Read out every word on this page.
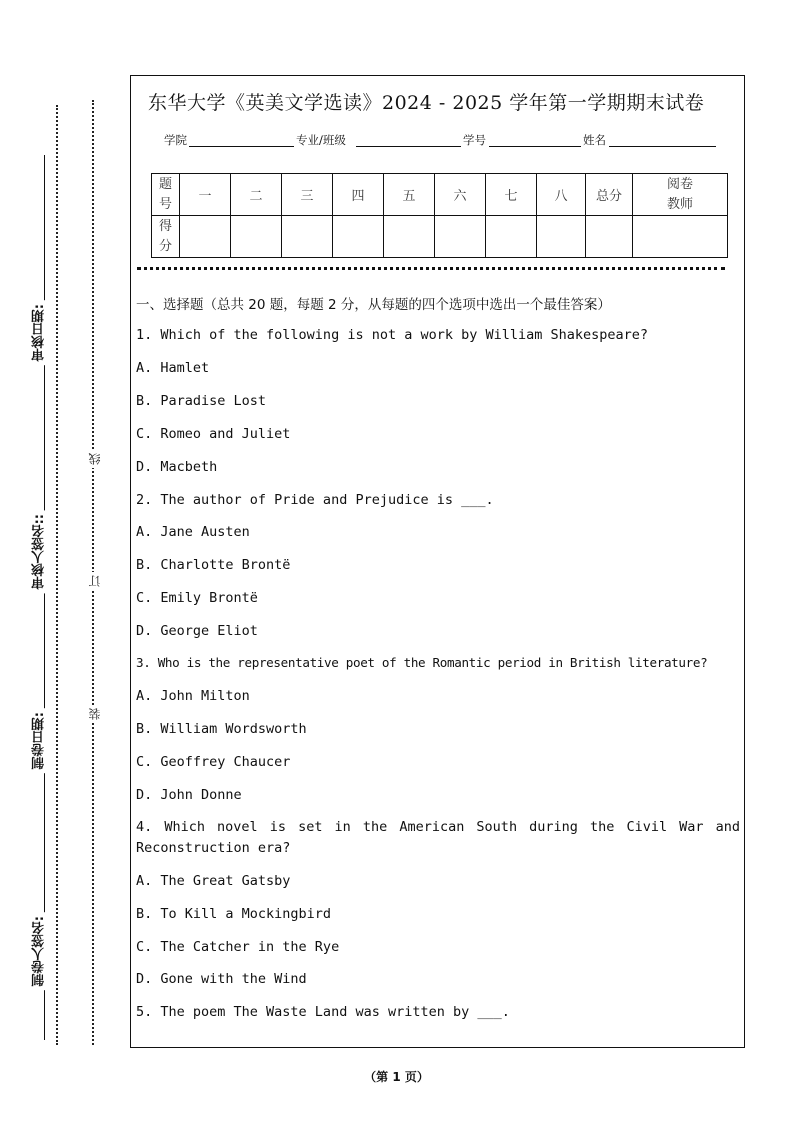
制卷人签名:
制卷日期:
审核人签名::
审核日期:
装
订
线
东华大学《英美文学选读》2024 - 2025 学年第一学期期末试卷
学院	专业/班级	学号	姓名
题号	一	二	三	四	五	六	七	八	总分	阅卷教师
得分										
一、选择题（总共 20 题，每题 2 分，从每题的四个选项中选出一个最佳答案）
1. Which of the following is not a work by William Shakespeare?
A. Hamlet
B. Paradise Lost
C. Romeo and Juliet
D. Macbeth
2. The author of Pride and Prejudice is ___.
A. Jane Austen
B. Charlotte Brontë
C. Emily Brontë
D. George Eliot
3. Who is the representative poet of the Romantic period in British literature?
A. John Milton
B. William Wordsworth
C. Geoffrey Chaucer
D. John Donne
4. Which novel is set in the American South during the Civil War and Reconstruction era?
A. The Great Gatsby
B. To Kill a Mockingbird
C. The Catcher in the Rye
D. Gone with the Wind
5. The poem The Waste Land was written by ___.
（第 1 页）
